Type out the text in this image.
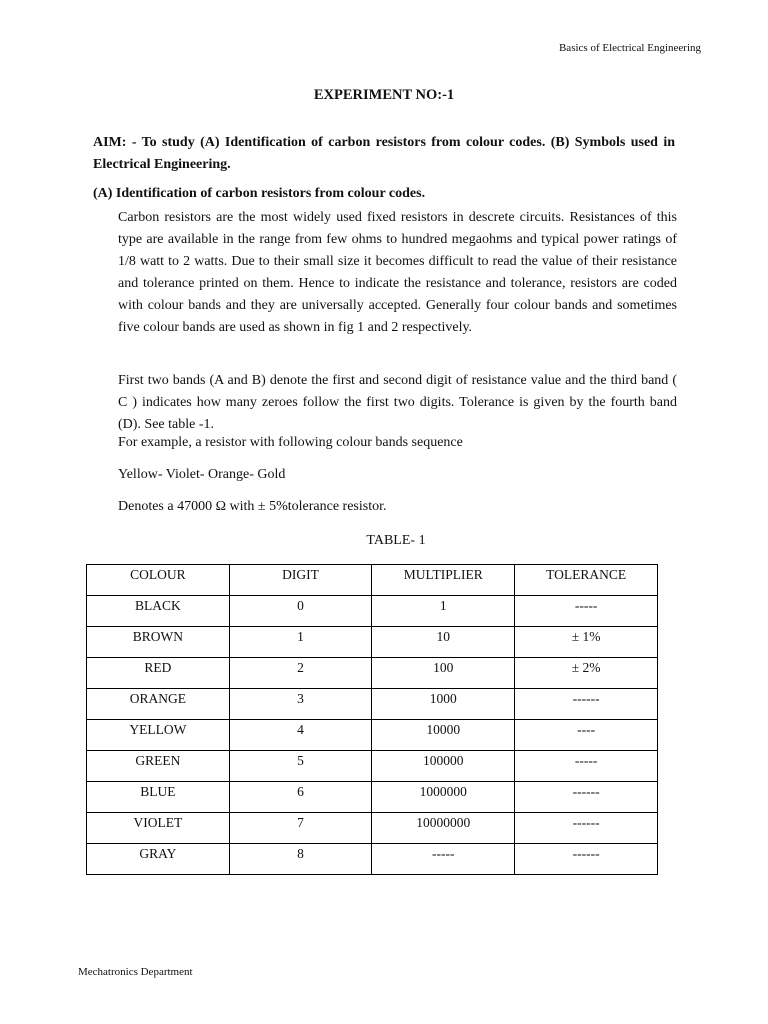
Basics of Electrical Engineering
EXPERIMENT NO:-1
AIM: - To study (A) Identification of carbon resistors from colour codes. (B) Symbols used in Electrical Engineering.
(A) Identification of carbon resistors from colour codes.
Carbon resistors are the most widely used fixed resistors in descrete circuits. Resistances of this type are available in the range from few ohms to hundred megaohms and typical power ratings of 1/8 watt to 2 watts. Due to their small size it becomes difficult to read the value of their resistance and tolerance printed on them. Hence to indicate the resistance and tolerance, resistors are coded with colour bands and they are universally accepted. Generally four colour bands and sometimes five colour bands are used as shown in fig 1 and 2 respectively.
First two bands (A and B) denote the first and second digit of resistance value and the third band ( C ) indicates how many zeroes follow the first two digits. Tolerance is given by the fourth band (D). See table -1.
For example, a resistor with following colour bands sequence
Yellow- Violet- Orange- Gold
Denotes a 47000 Ω with ± 5%tolerance resistor.
TABLE- 1
COLOUR	DIGIT	MULTIPLIER	TOLERANCE
BLACK	0	1	-----
BROWN	1	10	± 1%
RED	2	100	± 2%
ORANGE	3	1000	------
YELLOW	4	10000	----
GREEN	5	100000	-----
BLUE	6	1000000	------
VIOLET	7	10000000	------
GRAY	8	-----	------
Mechatronics Department
